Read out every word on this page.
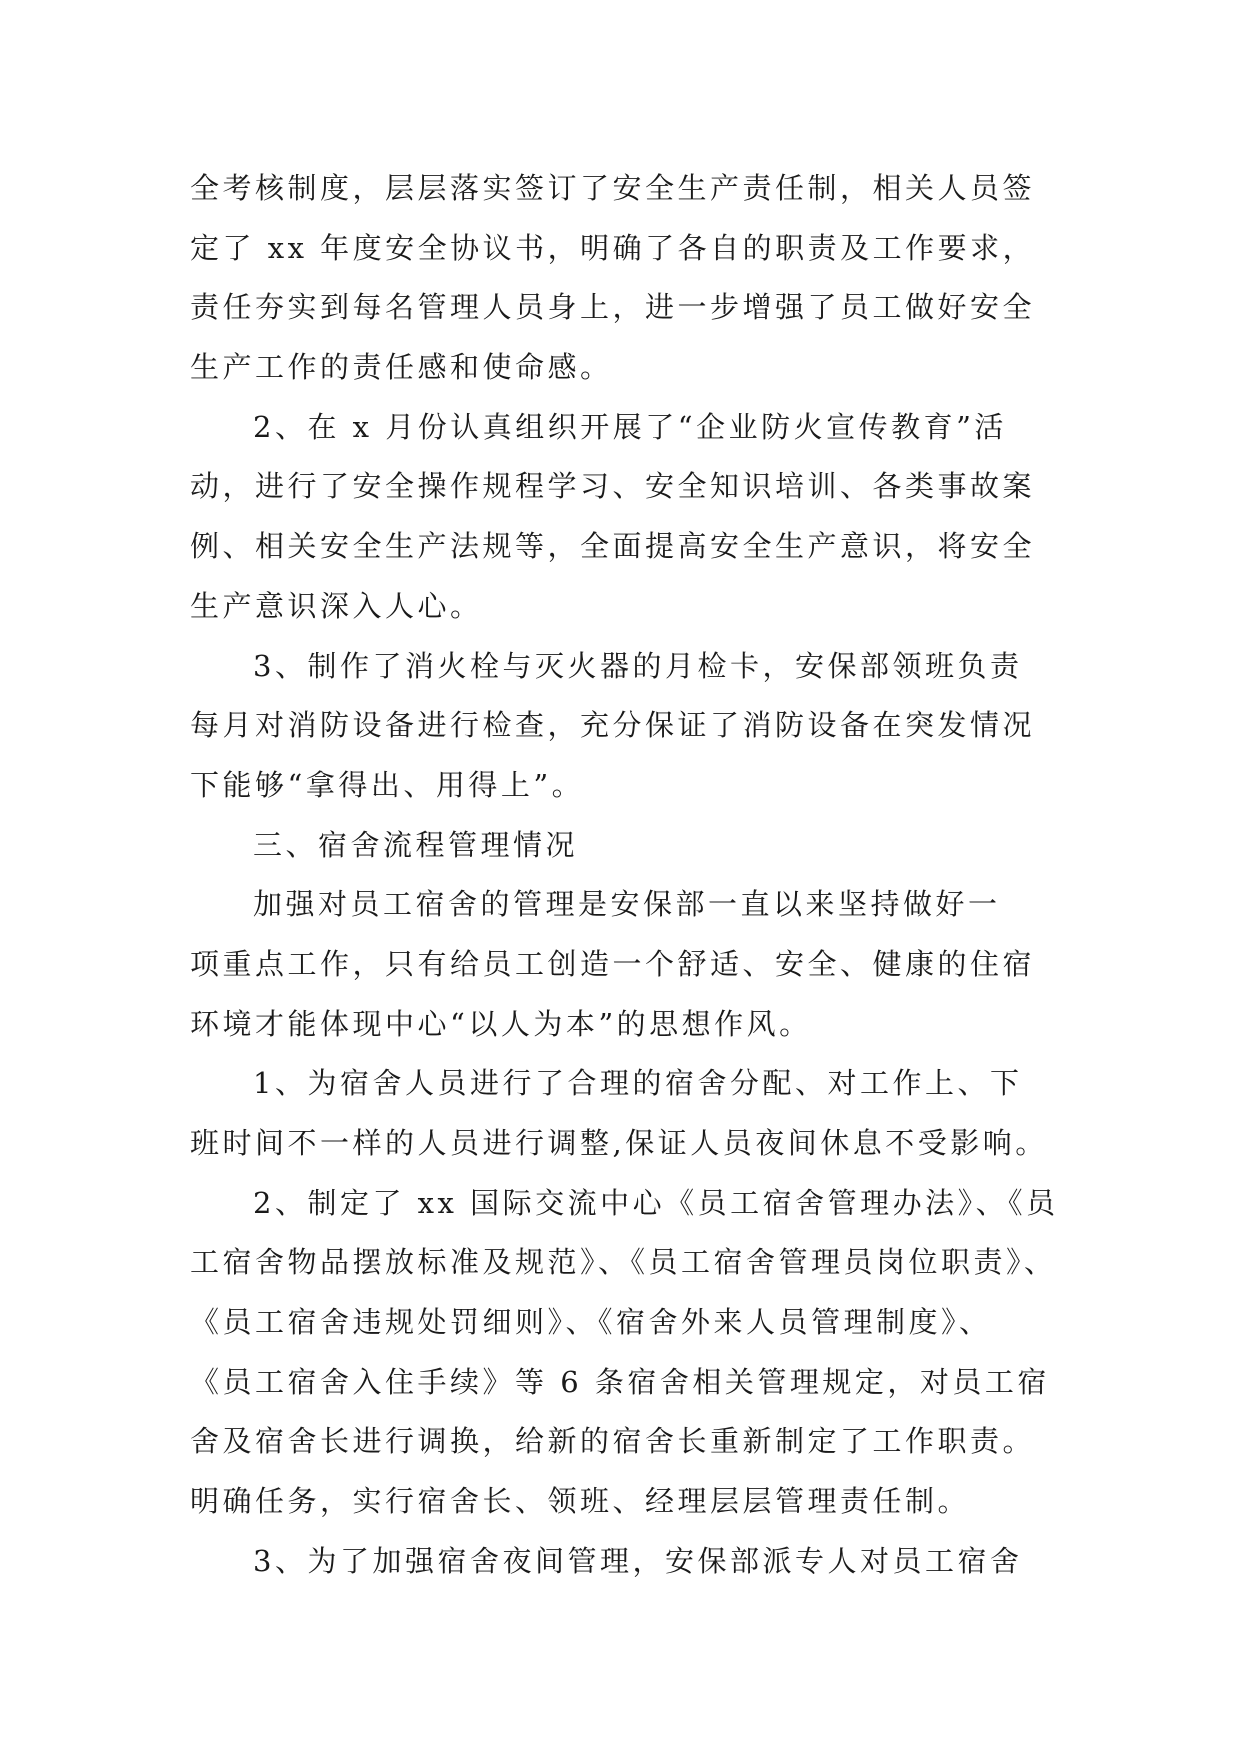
全考核制度，层层落实签订了安全生产责任制，相关人员签
定了 xx 年度安全协议书，明确了各自的职责及工作要求，
责任夯实到每名管理人员身上，进一步增强了员工做好安全
生产工作的责任感和使命感。
2、在 x 月份认真组织开展了“企业防火宣传教育”活
动，进行了安全操作规程学习、安全知识培训、各类事故案
例、相关安全生产法规等，全面提高安全生产意识，将安全
生产意识深入人心。
3、制作了消火栓与灭火器的月检卡，安保部领班负责
每月对消防设备进行检查，充分保证了消防设备在突发情况
下能够“拿得出、用得上”。
三、宿舍流程管理情况
加强对员工宿舍的管理是安保部一直以来坚持做好一
项重点工作，只有给员工创造一个舒适、安全、健康的住宿
环境才能体现中心“以人为本”的思想作风。
1、为宿舍人员进行了合理的宿舍分配、对工作上、下
班时间不一样的人员进行调整,保证人员夜间休息不受影响。
2、制定了 xx 国际交流中心《员工宿舍管理办法》、《员
工宿舍物品摆放标准及规范》、《员工宿舍管理员岗位职责》、
《员工宿舍违规处罚细则》、《宿舍外来人员管理制度》、
《员工宿舍入住手续》等 6 条宿舍相关管理规定，对员工宿
舍及宿舍长进行调换，给新的宿舍长重新制定了工作职责。
明确任务，实行宿舍长、领班、经理层层管理责任制。
3、为了加强宿舍夜间管理，安保部派专人对员工宿舍
